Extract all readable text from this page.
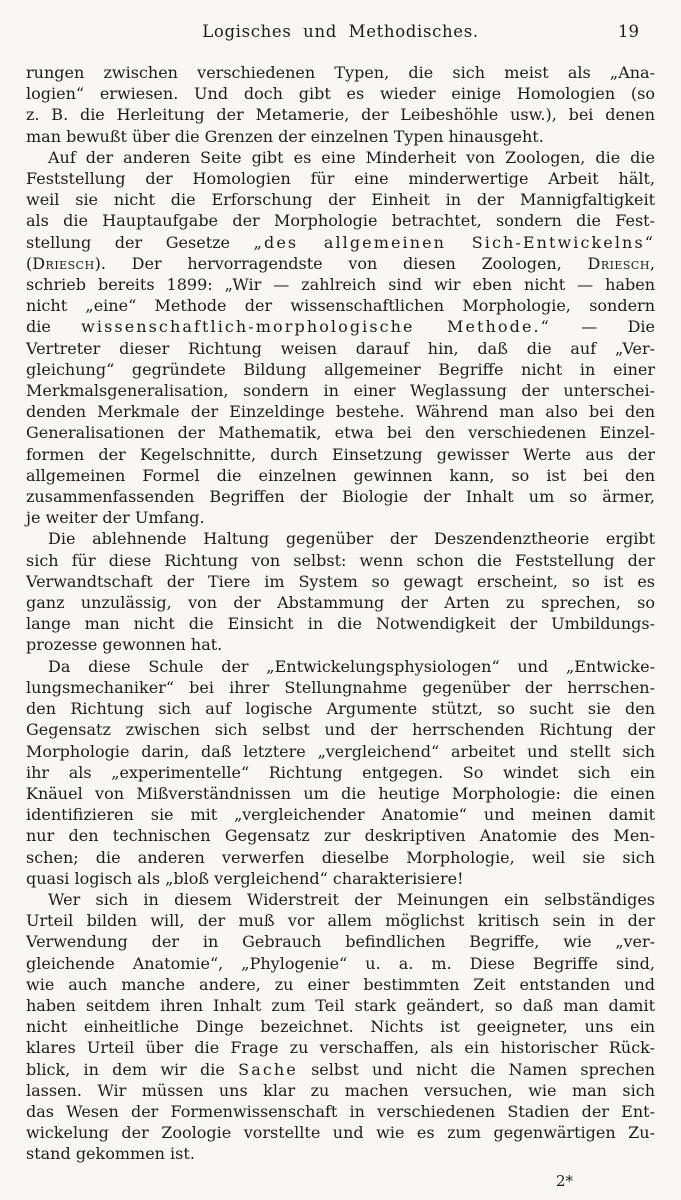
Logisches und Methodisches.	19
rungen zwischen verschiedenen Typen, die sich meist als „Ana-
logien“ erwiesen. Und doch gibt es wieder einige Homologien (so
z. B. die Herleitung der Metamerie, der Leibeshöhle usw.), bei denen
man bewußt über die Grenzen der einzelnen Typen hinausgeht.
Auf der anderen Seite gibt es eine Minderheit von Zoologen, die die
Feststellung der Homologien für eine minderwertige Arbeit hält,
weil sie nicht die Erforschung der Einheit in der Mannigfaltigkeit
als die Hauptaufgabe der Morphologie betrachtet, sondern die Fest-
stellung der Gesetze „des allgemeinen Sich-Entwickelns“
(Driesch). Der hervorragendste von diesen Zoologen, Driesch,
schrieb bereits 1899: „Wir — zahlreich sind wir eben nicht — haben
nicht „eine“ Methode der wissenschaftlichen Morphologie, sondern
die wissenschaftlich-morphologische Methode.“ — Die
Vertreter dieser Richtung weisen darauf hin, daß die auf „Ver-
gleichung“ gegründete Bildung allgemeiner Begriffe nicht in einer
Merkmalsgeneralisation, sondern in einer Weglassung der unterschei-
denden Merkmale der Einzeldinge bestehe. Während man also bei den
Generalisationen der Mathematik, etwa bei den verschiedenen Einzel-
formen der Kegelschnitte, durch Einsetzung gewisser Werte aus der
allgemeinen Formel die einzelnen gewinnen kann, so ist bei den
zusammenfassenden Begriffen der Biologie der Inhalt um so ärmer,
je weiter der Umfang.
Die ablehnende Haltung gegenüber der Deszendenztheorie ergibt
sich für diese Richtung von selbst: wenn schon die Feststellung der
Verwandtschaft der Tiere im System so gewagt erscheint, so ist es
ganz unzulässig, von der Abstammung der Arten zu sprechen, so
lange man nicht die Einsicht in die Notwendigkeit der Umbildungs-
prozesse gewonnen hat.
Da diese Schule der „Entwickelungsphysiologen“ und „Entwicke-
lungsmechaniker“ bei ihrer Stellungnahme gegenüber der herrschen-
den Richtung sich auf logische Argumente stützt, so sucht sie den
Gegensatz zwischen sich selbst und der herrschenden Richtung der
Morphologie darin, daß letztere „vergleichend“ arbeitet und stellt sich
ihr als „experimentelle“ Richtung entgegen. So windet sich ein
Knäuel von Mißverständnissen um die heutige Morphologie: die einen
identifizieren sie mit „vergleichender Anatomie“ und meinen damit
nur den technischen Gegensatz zur deskriptiven Anatomie des Men-
schen; die anderen verwerfen dieselbe Morphologie, weil sie sich
quasi logisch als „bloß vergleichend“ charakterisiere!
Wer sich in diesem Widerstreit der Meinungen ein selbständiges
Urteil bilden will, der muß vor allem möglichst kritisch sein in der
Verwendung der in Gebrauch befindlichen Begriffe, wie „ver-
gleichende Anatomie“, „Phylogenie“ u. a. m. Diese Begriffe sind,
wie auch manche andere, zu einer bestimmten Zeit entstanden und
haben seitdem ihren Inhalt zum Teil stark geändert, so daß man damit
nicht einheitliche Dinge bezeichnet. Nichts ist geeigneter, uns ein
klares Urteil über die Frage zu verschaffen, als ein historischer Rück-
blick, in dem wir die Sache selbst und nicht die Namen sprechen
lassen. Wir müssen uns klar zu machen versuchen, wie man sich
das Wesen der Formenwissenschaft in verschiedenen Stadien der Ent-
wickelung der Zoologie vorstellte und wie es zum gegenwärtigen Zu-
stand gekommen ist.
2*
